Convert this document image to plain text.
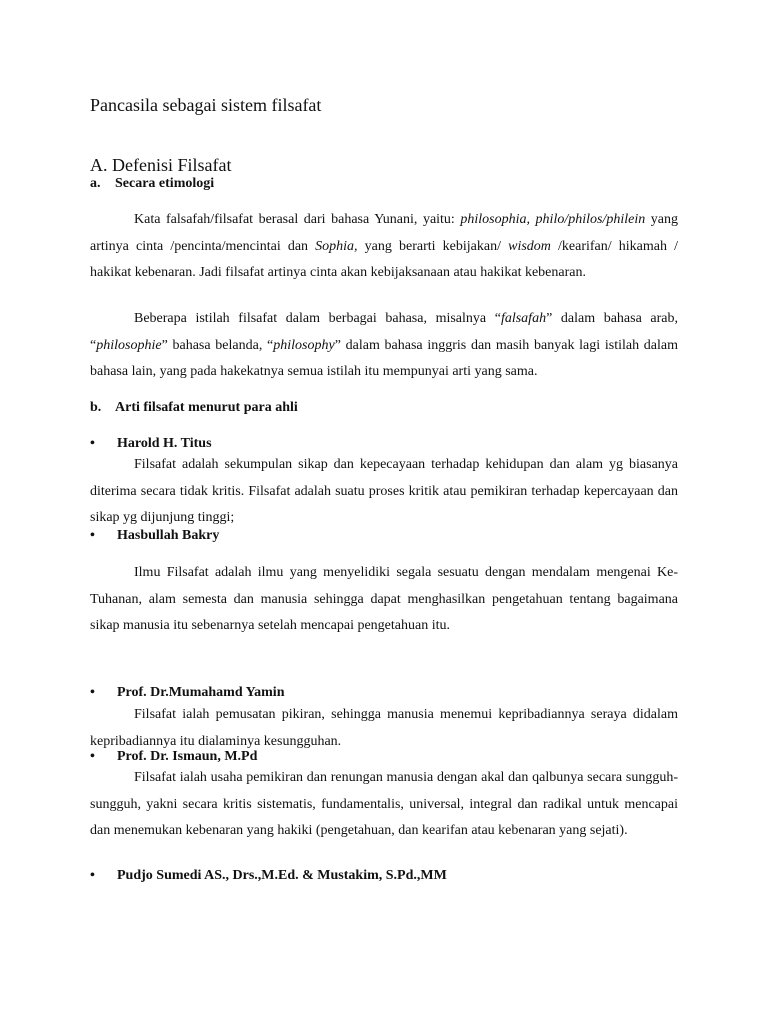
Pancasila sebagai sistem filsafat
A. Defenisi Filsafat
a. Secara etimologi

Kata falsafah/filsafat berasal dari bahasa Yunani, yaitu: philosophia, philo/philos/philein yang artinya cinta /pencinta/mencintai dan Sophia, yang berarti kebijakan/ wisdom /kearifan/ hikamah / hakikat kebenaran. Jadi filsafat artinya cinta akan kebijaksanaan atau hakikat kebenaran.

Beberapa istilah filsafat dalam berbagai bahasa, misalnya “falsafah” dalam bahasa arab, “philosophie” bahasa belanda, “philosophy” dalam bahasa inggris dan masih banyak lagi istilah dalam bahasa lain, yang pada hakekatnya semua istilah itu mempunyai arti yang sama.

b. Arti filsafat menurut para ahli
• Harold H. Titus

Filsafat adalah sekumpulan sikap dan kepecayaan terhadap kehidupan dan alam yg biasanya diterima secara tidak kritis. Filsafat adalah suatu proses kritik atau pemikiran terhadap kepercayaan dan sikap yg dijunjung tinggi;

• Hasbullah Bakry

Ilmu Filsafat adalah ilmu yang menyelidiki segala sesuatu dengan mendalam mengenai Ke-Tuhanan, alam semesta dan manusia sehingga dapat menghasilkan pengetahuan tentang bagaimana sikap manusia itu sebenarnya setelah mencapai pengetahuan itu.

• Prof. Dr.Mumahamd Yamin

Filsafat ialah pemusatan pikiran, sehingga manusia menemui kepribadiannya seraya didalam kepribadiannya itu dialaminya kesungguhan.

• Prof. Dr. Ismaun, M.Pd

Filsafat ialah usaha pemikiran dan renungan manusia dengan akal dan qalbunya secara sungguh-sungguh, yakni secara kritis sistematis, fundamentalis, universal, integral dan radikal untuk mencapai dan menemukan kebenaran yang hakiki (pengetahuan, dan kearifan atau kebenaran yang sejati).

• Pudjo Sumedi AS., Drs.,M.Ed. & Mustakim, S.Pd.,MM
